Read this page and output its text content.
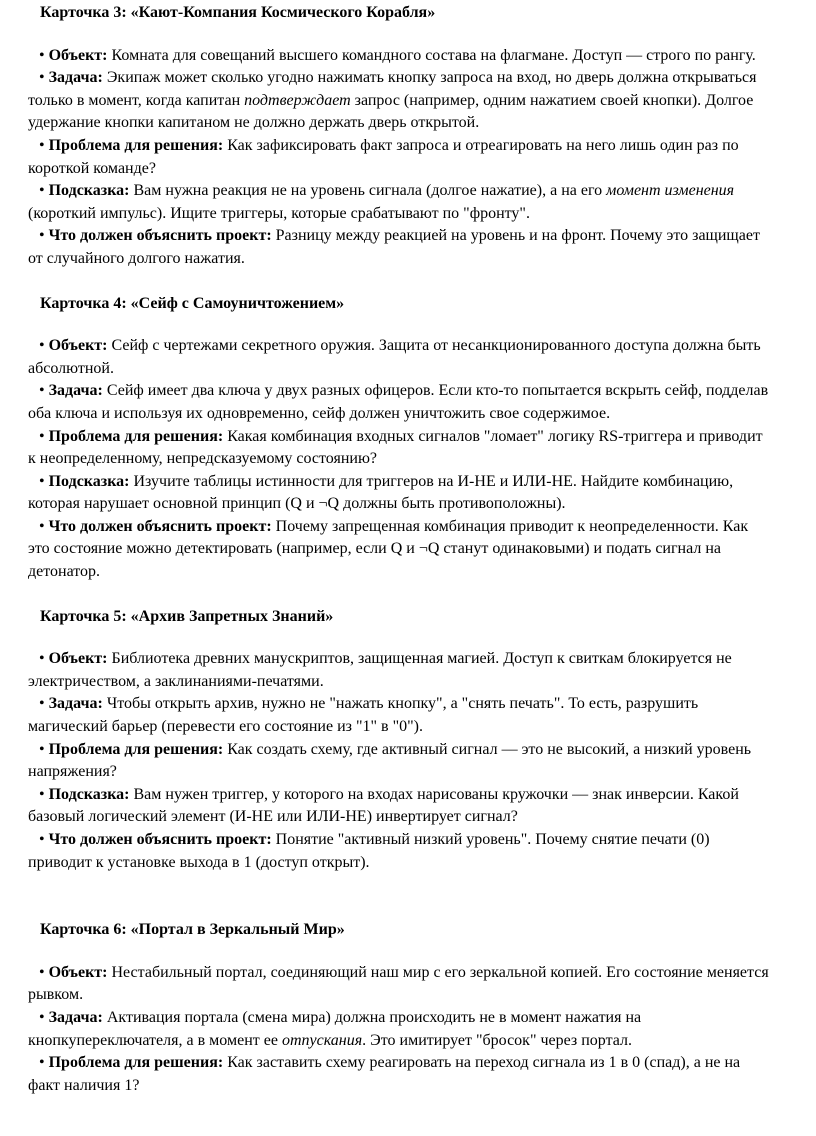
Карточка 3: «Кают-Компания Космического Корабля»

• Объект: Комната для совещаний высшего командного состава на флагмане. Доступ — строго по рангу.
• Задача: Экипаж может сколько угодно нажимать кнопку запроса на вход, но дверь должна открываться только в момент, когда капитан подтверждает запрос (например, одним нажатием своей кнопки). Долгое удержание кнопки капитаном не должно держать дверь открытой.
• Проблема для решения: Как зафиксировать факт запроса и отреагировать на него лишь один раз по короткой команде?
• Подсказка: Вам нужна реакция не на уровень сигнала (долгое нажатие), а на его момент изменения (короткий импульс). Ищите триггеры, которые срабатывают по "фронту".
• Что должен объяснить проект: Разницу между реакцией на уровень и на фронт. Почему это защищает от случайного долгого нажатия.

Карточка 4: «Сейф с Самоуничтожением»

• Объект: Сейф с чертежами секретного оружия. Защита от несанкционированного доступа должна быть абсолютной.
• Задача: Сейф имеет два ключа у двух разных офицеров. Если кто-то попытается вскрыть сейф, подделав оба ключа и используя их одновременно, сейф должен уничтожить свое содержимое.
• Проблема для решения: Какая комбинация входных сигналов "ломает" логику RS-триггера и приводит к неопределенному, непредсказуемому состоянию?
• Подсказка: Изучите таблицы истинности для триггеров на И-НЕ и ИЛИ-НЕ. Найдите комбинацию, которая нарушает основной принцип (Q и ¬Q должны быть противоположны).
• Что должен объяснить проект: Почему запрещенная комбинация приводит к неопределенности. Как это состояние можно детектировать (например, если Q и ¬Q станут одинаковыми) и подать сигнал на детонатор.

Карточка 5: «Архив Запретных Знаний»

• Объект: Библиотека древних манускриптов, защищенная магией. Доступ к свиткам блокируется не электричеством, а заклинаниями-печатями.
• Задача: Чтобы открыть архив, нужно не "нажать кнопку", а "снять печать". То есть, разрушить магический барьер (перевести его состояние из "1" в "0").
• Проблема для решения: Как создать схему, где активный сигнал — это не высокий, а низкий уровень напряжения?
• Подсказка: Вам нужен триггер, у которого на входах нарисованы кружочки — знак инверсии. Какой базовый логический элемент (И-НЕ или ИЛИ-НЕ) инвертирует сигнал?
• Что должен объяснить проект: Понятие "активный низкий уровень". Почему снятие печати (0) приводит к установке выхода в 1 (доступ открыт).

Карточка 6: «Портал в Зеркальный Мир»

• Объект: Нестабильный портал, соединяющий наш мир с его зеркальной копией. Его состояние меняется рывком.
• Задача: Активация портала (смена мира) должна происходить не в момент нажатия на кнопкупереключателя, а в момент ее отпускания. Это имитирует "бросок" через портал.
• Проблема для решения: Как заставить схему реагировать на переход сигнала из 1 в 0 (спад), а не на факт наличия 1?
